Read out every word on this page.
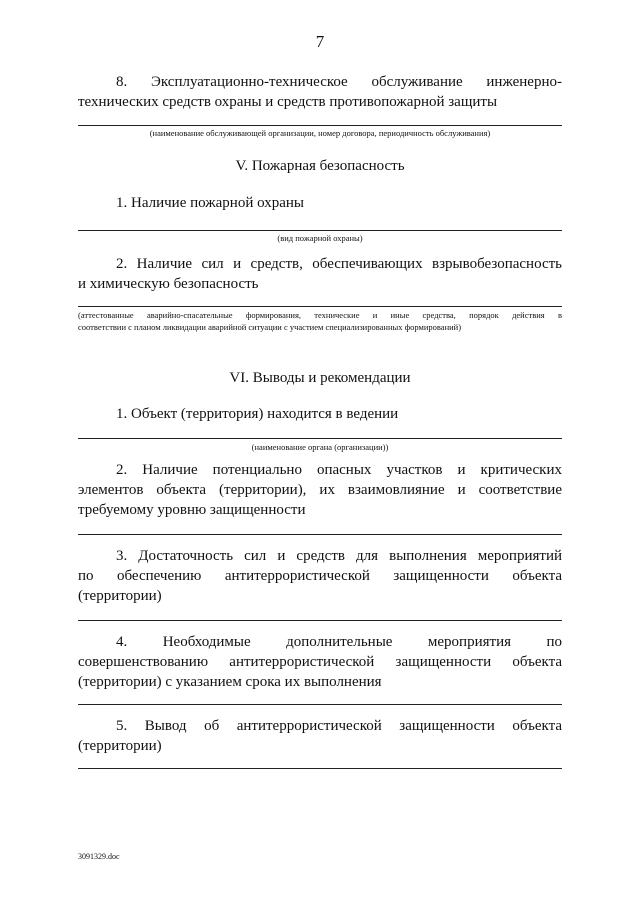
7
8. Эксплуатационно-техническое обслуживание инженерно-
технических средств охраны и средств противопожарной защиты
(наименование обслуживающей организации, номер договора, периодичность обслуживания)
V. Пожарная безопасность
1. Наличие пожарной охраны
(вид пожарной охраны)
2. Наличие сил и средств, обеспечивающих взрывобезопасность
и химическую безопасность
(аттестованные аварийно-спасательные формирования, технические и иные средства, порядок действия в
соответствии с планом ликвидации аварийной ситуации с участием специализированных формирований)
VI. Выводы и рекомендации
1. Объект (территория) находится в ведении
(наименование органа (организации))
2. Наличие потенциально опасных участков и критических
элементов объекта (территории), их взаимовлияние и соответствие
требуемому уровню защищенности
3. Достаточность сил и средств для выполнения мероприятий
по обеспечению антитеррористической защищенности объекта
(территории)
4. Необходимые дополнительные мероприятия по
совершенствованию антитеррористической защищенности объекта
(территории) с указанием срока их выполнения
5. Вывод об антитеррористической защищенности объекта
(территории)
3091329.doc
